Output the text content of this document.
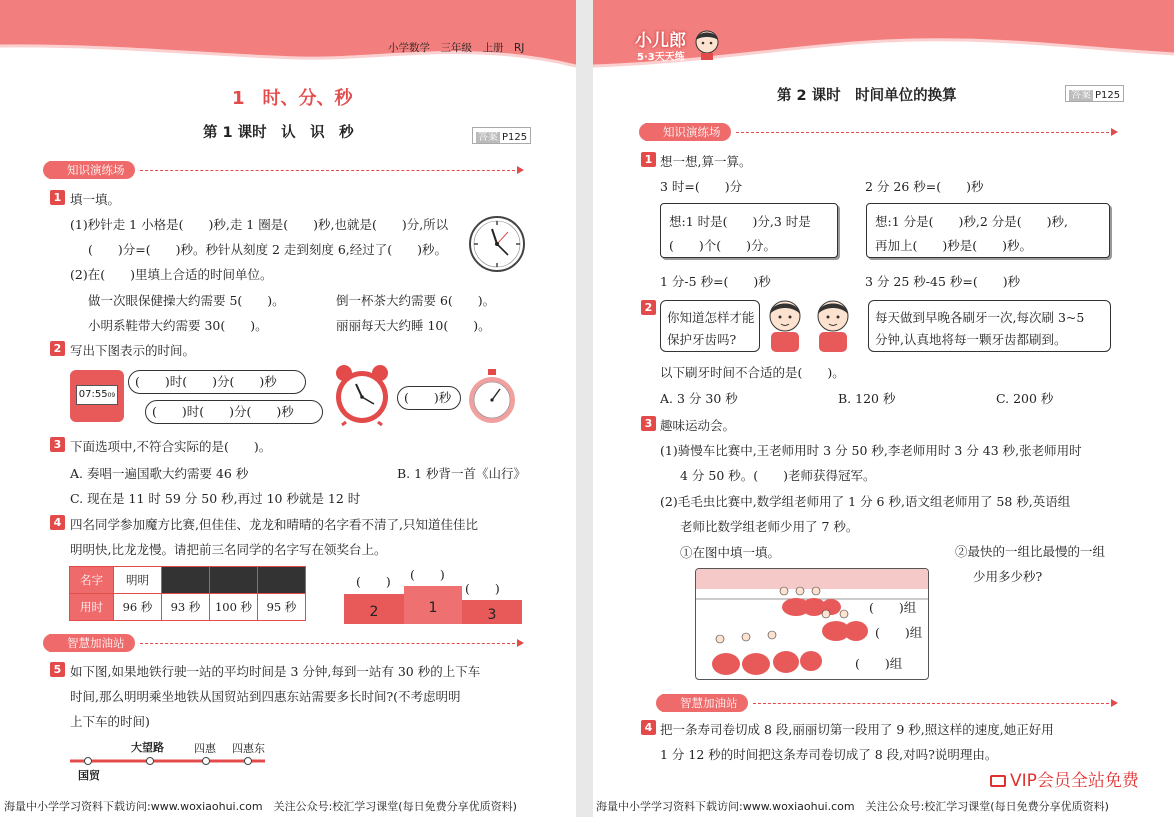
小学数学　三年级　上册　RJ
1　时、分、秒
第 1 课时　认　识　秒	答案 P125
知识演练场
1 填一填。
(1)秒针走 1 小格是(　　)秒,走 1 圈是(　　)秒,也就是(　　)分,所以
(　　)分=(　　)秒。秒针从刻度 2 走到刻度 6,经过了(　　)秒。
(2)在(　　)里填上合适的时间单位。
做一次眼保健操大约需要 5(　　)。	倒一杯茶大约需要 6(　　)。
小明系鞋带大约需要 30(　　)。	丽丽每天大约睡 10(　　)。
2 写出下图表示的时间。
07:5509
(　　)时(　　)分(　　)秒
(　　)时(　　)分(　　)秒
(　　)秒
3 下面选项中,不符合实际的是(　　)。
A. 奏唱一遍国歌大约需要 46 秒	B. 1 秒背一首《山行》
C. 现在是 11 时 59 分 50 秒,再过 10 秒就是 12 时
4 四名同学参加魔方比赛,但佳佳、龙龙和晴晴的名字看不清了,只知道佳佳比
明明快,比龙龙慢。请把前三名同学的名字写在领奖台上。
名字	明明			
用时	96 秒	93 秒	100 秒	95 秒
(　　) (　　)
(　　)
2	1	3
智慧加油站
5 如下图,如果地铁行驶一站的平均时间是 3 分钟,每到一站有 30 秒的上下车
时间,那么明明乘坐地铁从国贸站到四惠东站需要多长时间?(不考虑明明
上下车的时间)
国贸
大望路	四惠 四惠东
海量中小学学习资料下载访问:www.woxiaohui.com　关注公众号:校汇学习课堂(每日免费分享优质资料)
小儿郎
5·3天天练
第 2 课时　时间单位的换算	答案 P125
知识演练场
1 想一想,算一算。
3 时=(　　)分	2 分 26 秒=(　　)秒
想:1 时是(　　)分,3 时是
(　　)个(　　)分。
想:1 分是(　　)秒,2 分是(　　)秒,
再加上(　　)秒是(　　)秒。
1 分-5 秒=(　　)秒	3 分 25 秒-45 秒=(　　)秒
2
你知道怎样才能
保护牙齿吗?
每天做到早晚各刷牙一次,每次刷 3~5
分钟,认真地将每一颗牙齿都刷到。
以下刷牙时间不合适的是(　　)。
A. 3 分 30 秒	B. 120 秒	C. 200 秒
3 趣味运动会。
(1)骑慢车比赛中,王老师用时 3 分 50 秒,李老师用时 3 分 43 秒,张老师用时
4 分 50 秒。(　　)老师获得冠军。
(2)毛毛虫比赛中,数学组老师用了 1 分 6 秒,语文组老师用了 58 秒,英语组
老师比数学组老师少用了 7 秒。
①在图中填一填。	②最快的一组比最慢的一组
少用多少秒?
(　　)组
(　　)组
(　　)组
智慧加油站
4 把一条寿司卷切成 8 段,丽丽切第一段用了 9 秒,照这样的速度,她正好用
1 分 12 秒的时间把这条寿司卷切成了 8 段,对吗?说明理由。
海量中小学学习资料下载访问:www.woxiaohui.com　关注公众号:校汇学习课堂(每日免费分享优质资料)
VIP会员全站免费
